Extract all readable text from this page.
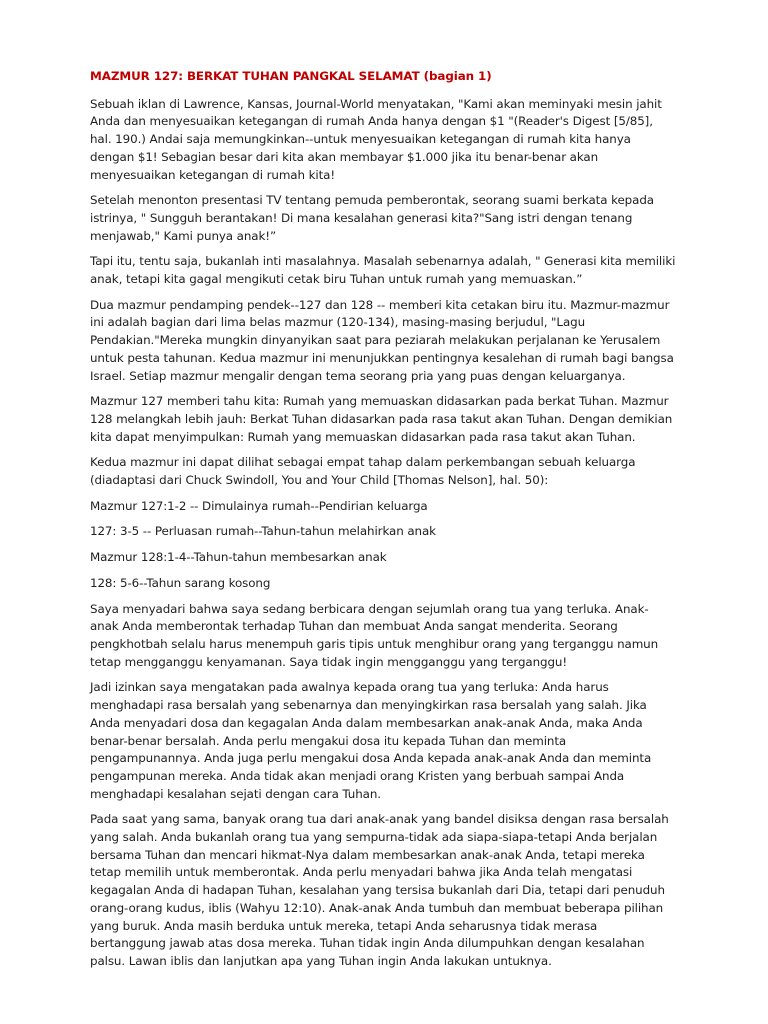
MAZMUR 127: BERKAT TUHAN PANGKAL SELAMAT (bagian 1)
Sebuah iklan di Lawrence, Kansas, Journal-World menyatakan, "Kami akan meminyaki mesin jahit Anda dan menyesuaikan ketegangan di rumah Anda hanya dengan $1 "(Reader's Digest [5/85], hal. 190.) Andai saja memungkinkan--untuk menyesuaikan ketegangan di rumah kita hanya dengan $1! Sebagian besar dari kita akan membayar $1.000 jika itu benar-benar akan menyesuaikan ketegangan di rumah kita!
Setelah menonton presentasi TV tentang pemuda pemberontak, seorang suami berkata kepada istrinya, " Sungguh berantakan! Di mana kesalahan generasi kita?"Sang istri dengan tenang menjawab," Kami punya anak!”
Tapi itu, tentu saja, bukanlah inti masalahnya. Masalah sebenarnya adalah, " Generasi kita memiliki anak, tetapi kita gagal mengikuti cetak biru Tuhan untuk rumah yang memuaskan.”
Dua mazmur pendamping pendek--127 dan 128 -- memberi kita cetakan biru itu. Mazmur-mazmur ini adalah bagian dari lima belas mazmur (120-134), masing-masing berjudul, "Lagu Pendakian."Mereka mungkin dinyanyikan saat para peziarah melakukan perjalanan ke Yerusalem untuk pesta tahunan. Kedua mazmur ini menunjukkan pentingnya kesalehan di rumah bagi bangsa Israel. Setiap mazmur mengalir dengan tema seorang pria yang puas dengan keluarganya.
Mazmur 127 memberi tahu kita: Rumah yang memuaskan didasarkan pada berkat Tuhan. Mazmur 128 melangkah lebih jauh: Berkat Tuhan didasarkan pada rasa takut akan Tuhan. Dengan demikian kita dapat menyimpulkan: Rumah yang memuaskan didasarkan pada rasa takut akan Tuhan.
Kedua mazmur ini dapat dilihat sebagai empat tahap dalam perkembangan sebuah keluarga (diadaptasi dari Chuck Swindoll, You and Your Child [Thomas Nelson], hal. 50):
Mazmur 127:1-2 -- Dimulainya rumah--Pendirian keluarga
127: 3-5 -- Perluasan rumah--Tahun-tahun melahirkan anak
Mazmur 128:1-4--Tahun-tahun membesarkan anak
128: 5-6--Tahun sarang kosong
Saya menyadari bahwa saya sedang berbicara dengan sejumlah orang tua yang terluka. Anak-anak Anda memberontak terhadap Tuhan dan membuat Anda sangat menderita. Seorang pengkhotbah selalu harus menempuh garis tipis untuk menghibur orang yang terganggu namun tetap mengganggu kenyamanan. Saya tidak ingin mengganggu yang terganggu!
Jadi izinkan saya mengatakan pada awalnya kepada orang tua yang terluka: Anda harus menghadapi rasa bersalah yang sebenarnya dan menyingkirkan rasa bersalah yang salah. Jika Anda menyadari dosa dan kegagalan Anda dalam membesarkan anak-anak Anda, maka Anda benar-benar bersalah. Anda perlu mengakui dosa itu kepada Tuhan dan meminta pengampunannya. Anda juga perlu mengakui dosa Anda kepada anak-anak Anda dan meminta pengampunan mereka. Anda tidak akan menjadi orang Kristen yang berbuah sampai Anda menghadapi kesalahan sejati dengan cara Tuhan.
Pada saat yang sama, banyak orang tua dari anak-anak yang bandel disiksa dengan rasa bersalah yang salah. Anda bukanlah orang tua yang sempurna-tidak ada siapa-siapa-tetapi Anda berjalan bersama Tuhan dan mencari hikmat-Nya dalam membesarkan anak-anak Anda, tetapi mereka tetap memilih untuk memberontak. Anda perlu menyadari bahwa jika Anda telah mengatasi kegagalan Anda di hadapan Tuhan, kesalahan yang tersisa bukanlah dari Dia, tetapi dari penuduh orang-orang kudus, iblis (Wahyu 12:10). Anak-anak Anda tumbuh dan membuat beberapa pilihan yang buruk. Anda masih berduka untuk mereka, tetapi Anda seharusnya tidak merasa bertanggung jawab atas dosa mereka. Tuhan tidak ingin Anda dilumpuhkan dengan kesalahan palsu. Lawan iblis dan lanjutkan apa yang Tuhan ingin Anda lakukan untuknya.
